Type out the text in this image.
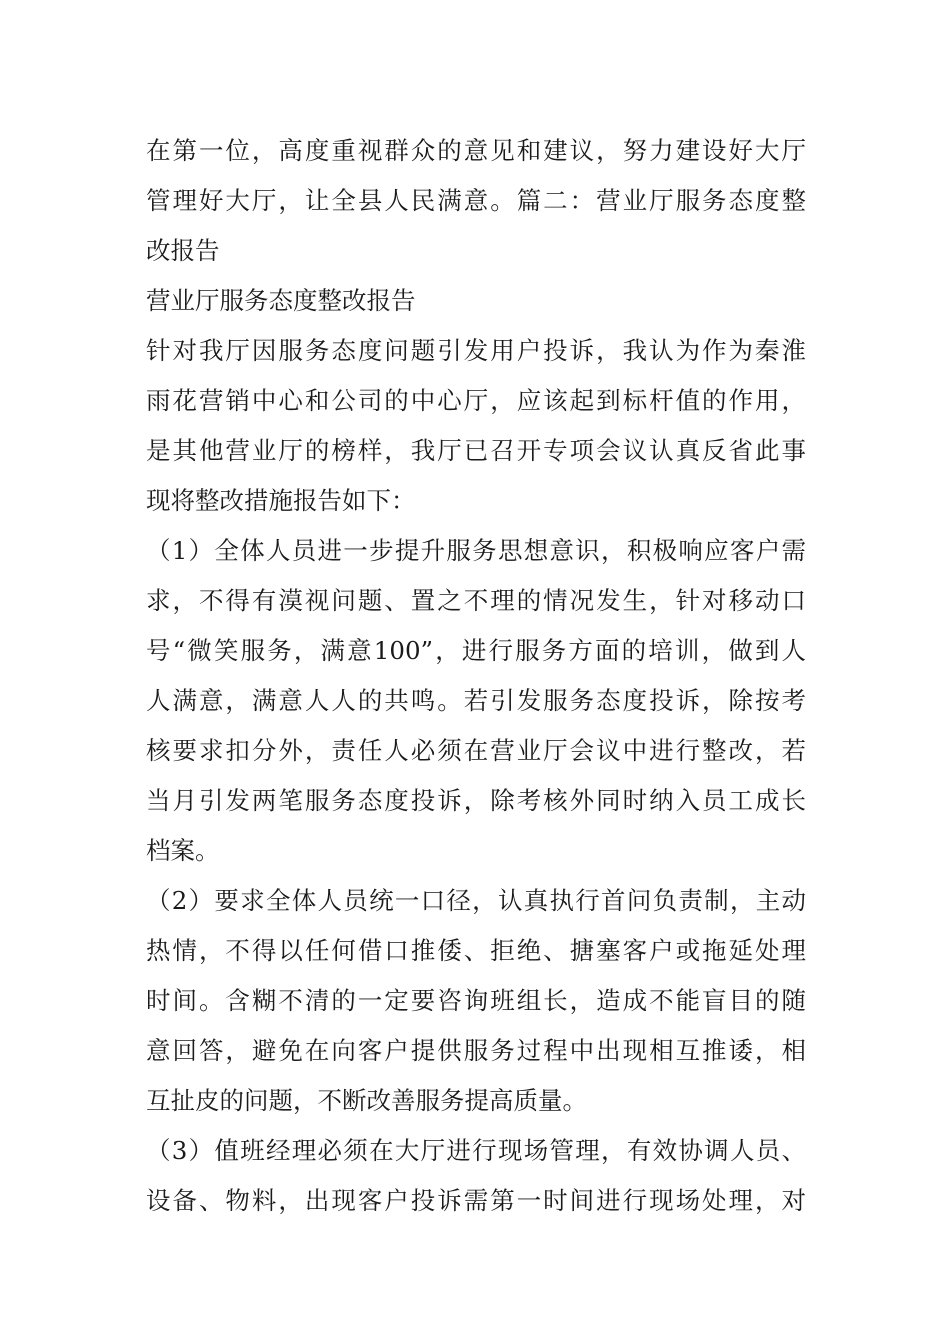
在第一位，高度重视群众的意见和建议，努力建设好大厅
管理好大厅，让全县人民满意。篇二：营业厅服务态度整
改报告
营业厅服务态度整改报告
针对我厅因服务态度问题引发用户投诉，我认为作为秦淮
雨花营销中心和公司的中心厅，应该起到标杆值的作用，
是其他营业厅的榜样，我厅已召开专项会议认真反省此事
现将整改措施报告如下：
（1）全体人员进一步提升服务思想意识，积极响应客户需
求，不得有漠视问题、置之不理的情况发生，针对移动口
号“微笑服务，满意100”，进行服务方面的培训，做到人
人满意，满意人人的共鸣。若引发服务态度投诉，除按考
核要求扣分外，责任人必须在营业厅会议中进行整改，若
当月引发两笔服务态度投诉，除考核外同时纳入员工成长
档案。
（2）要求全体人员统一口径，认真执行首问负责制，主动
热情，不得以任何借口推倭、拒绝、搪塞客户或拖延处理
时间。含糊不清的一定要咨询班组长，造成不能盲目的随
意回答，避免在向客户提供服务过程中出现相互推诿，相
互扯皮的问题，不断改善服务提高质量。
（3）值班经理必须在大厅进行现场管理，有效协调人员、
设备、物料，出现客户投诉需第一时间进行现场处理，对
